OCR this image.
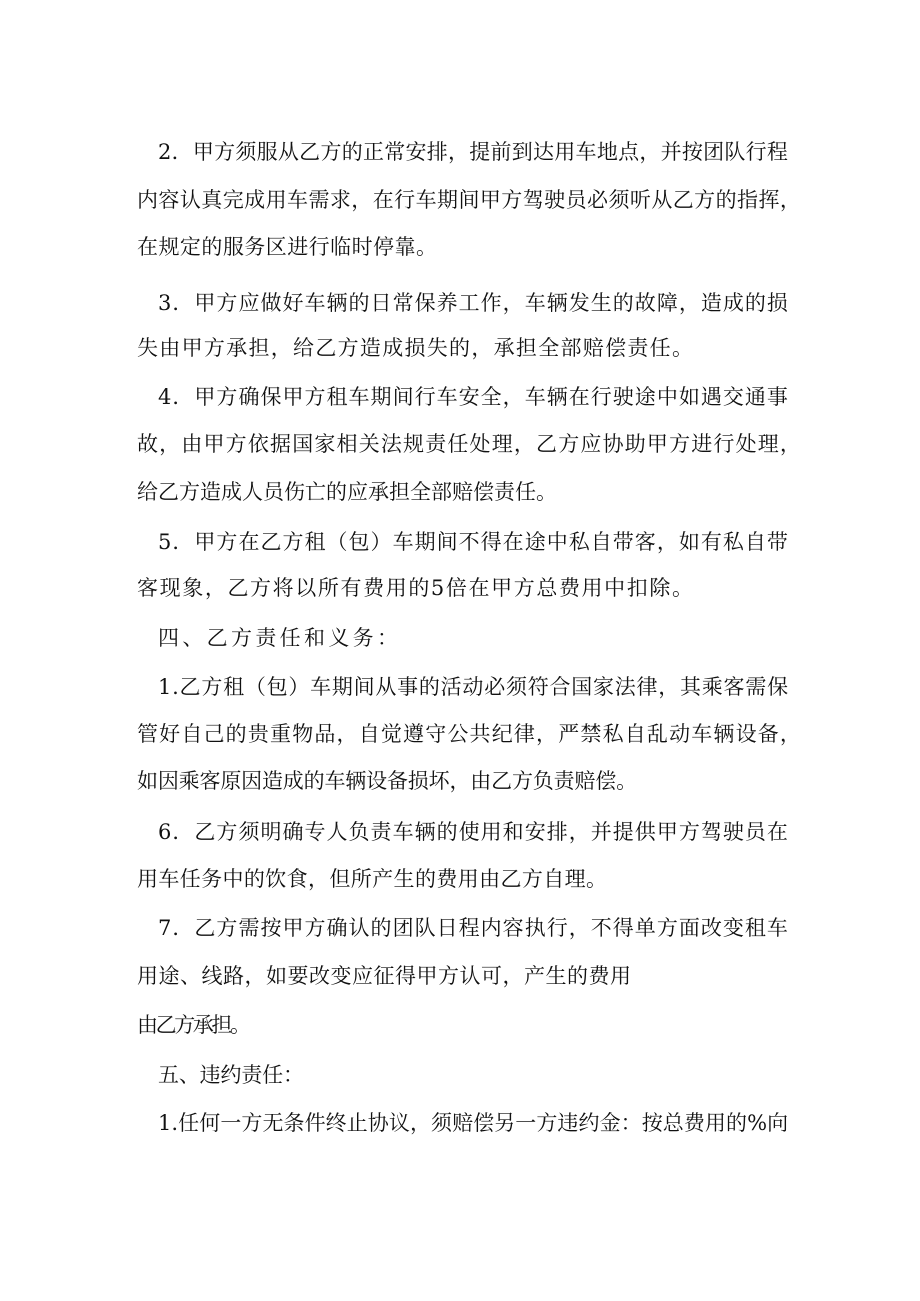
2．甲方须服从乙方的正常安排，提前到达用车地点，并按团队行程
内容认真完成用车需求，在行车期间甲方驾驶员必须听从乙方的指挥，
在规定的服务区进行临时停靠。
3．甲方应做好车辆的日常保养工作，车辆发生的故障，造成的损
失由甲方承担，给乙方造成损失的，承担全部赔偿责任。
4．甲方确保甲方租车期间行车安全，车辆在行驶途中如遇交通事
故，由甲方依据国家相关法规责任处理，乙方应协助甲方进行处理，
给乙方造成人员伤亡的应承担全部赔偿责任。
5．甲方在乙方租（包）车期间不得在途中私自带客，如有私自带
客现象，乙方将以所有费用的5倍在甲方总费用中扣除。
四、乙方责任和义务：
1.乙方租（包）车期间从事的活动必须符合国家法律，其乘客需保
管好自己的贵重物品，自觉遵守公共纪律，严禁私自乱动车辆设备，
如因乘客原因造成的车辆设备损坏，由乙方负责赔偿。
6．乙方须明确专人负责车辆的使用和安排，并提供甲方驾驶员在
用车任务中的饮食，但所产生的费用由乙方自理。
7．乙方需按甲方确认的团队日程内容执行，不得单方面改变租车
用途、线路，如要改变应征得甲方认可，产生的费用
由乙方承担。
五、违约责任：
1.任何一方无条件终止协议，须赔偿另一方违约金：按总费用的%向
